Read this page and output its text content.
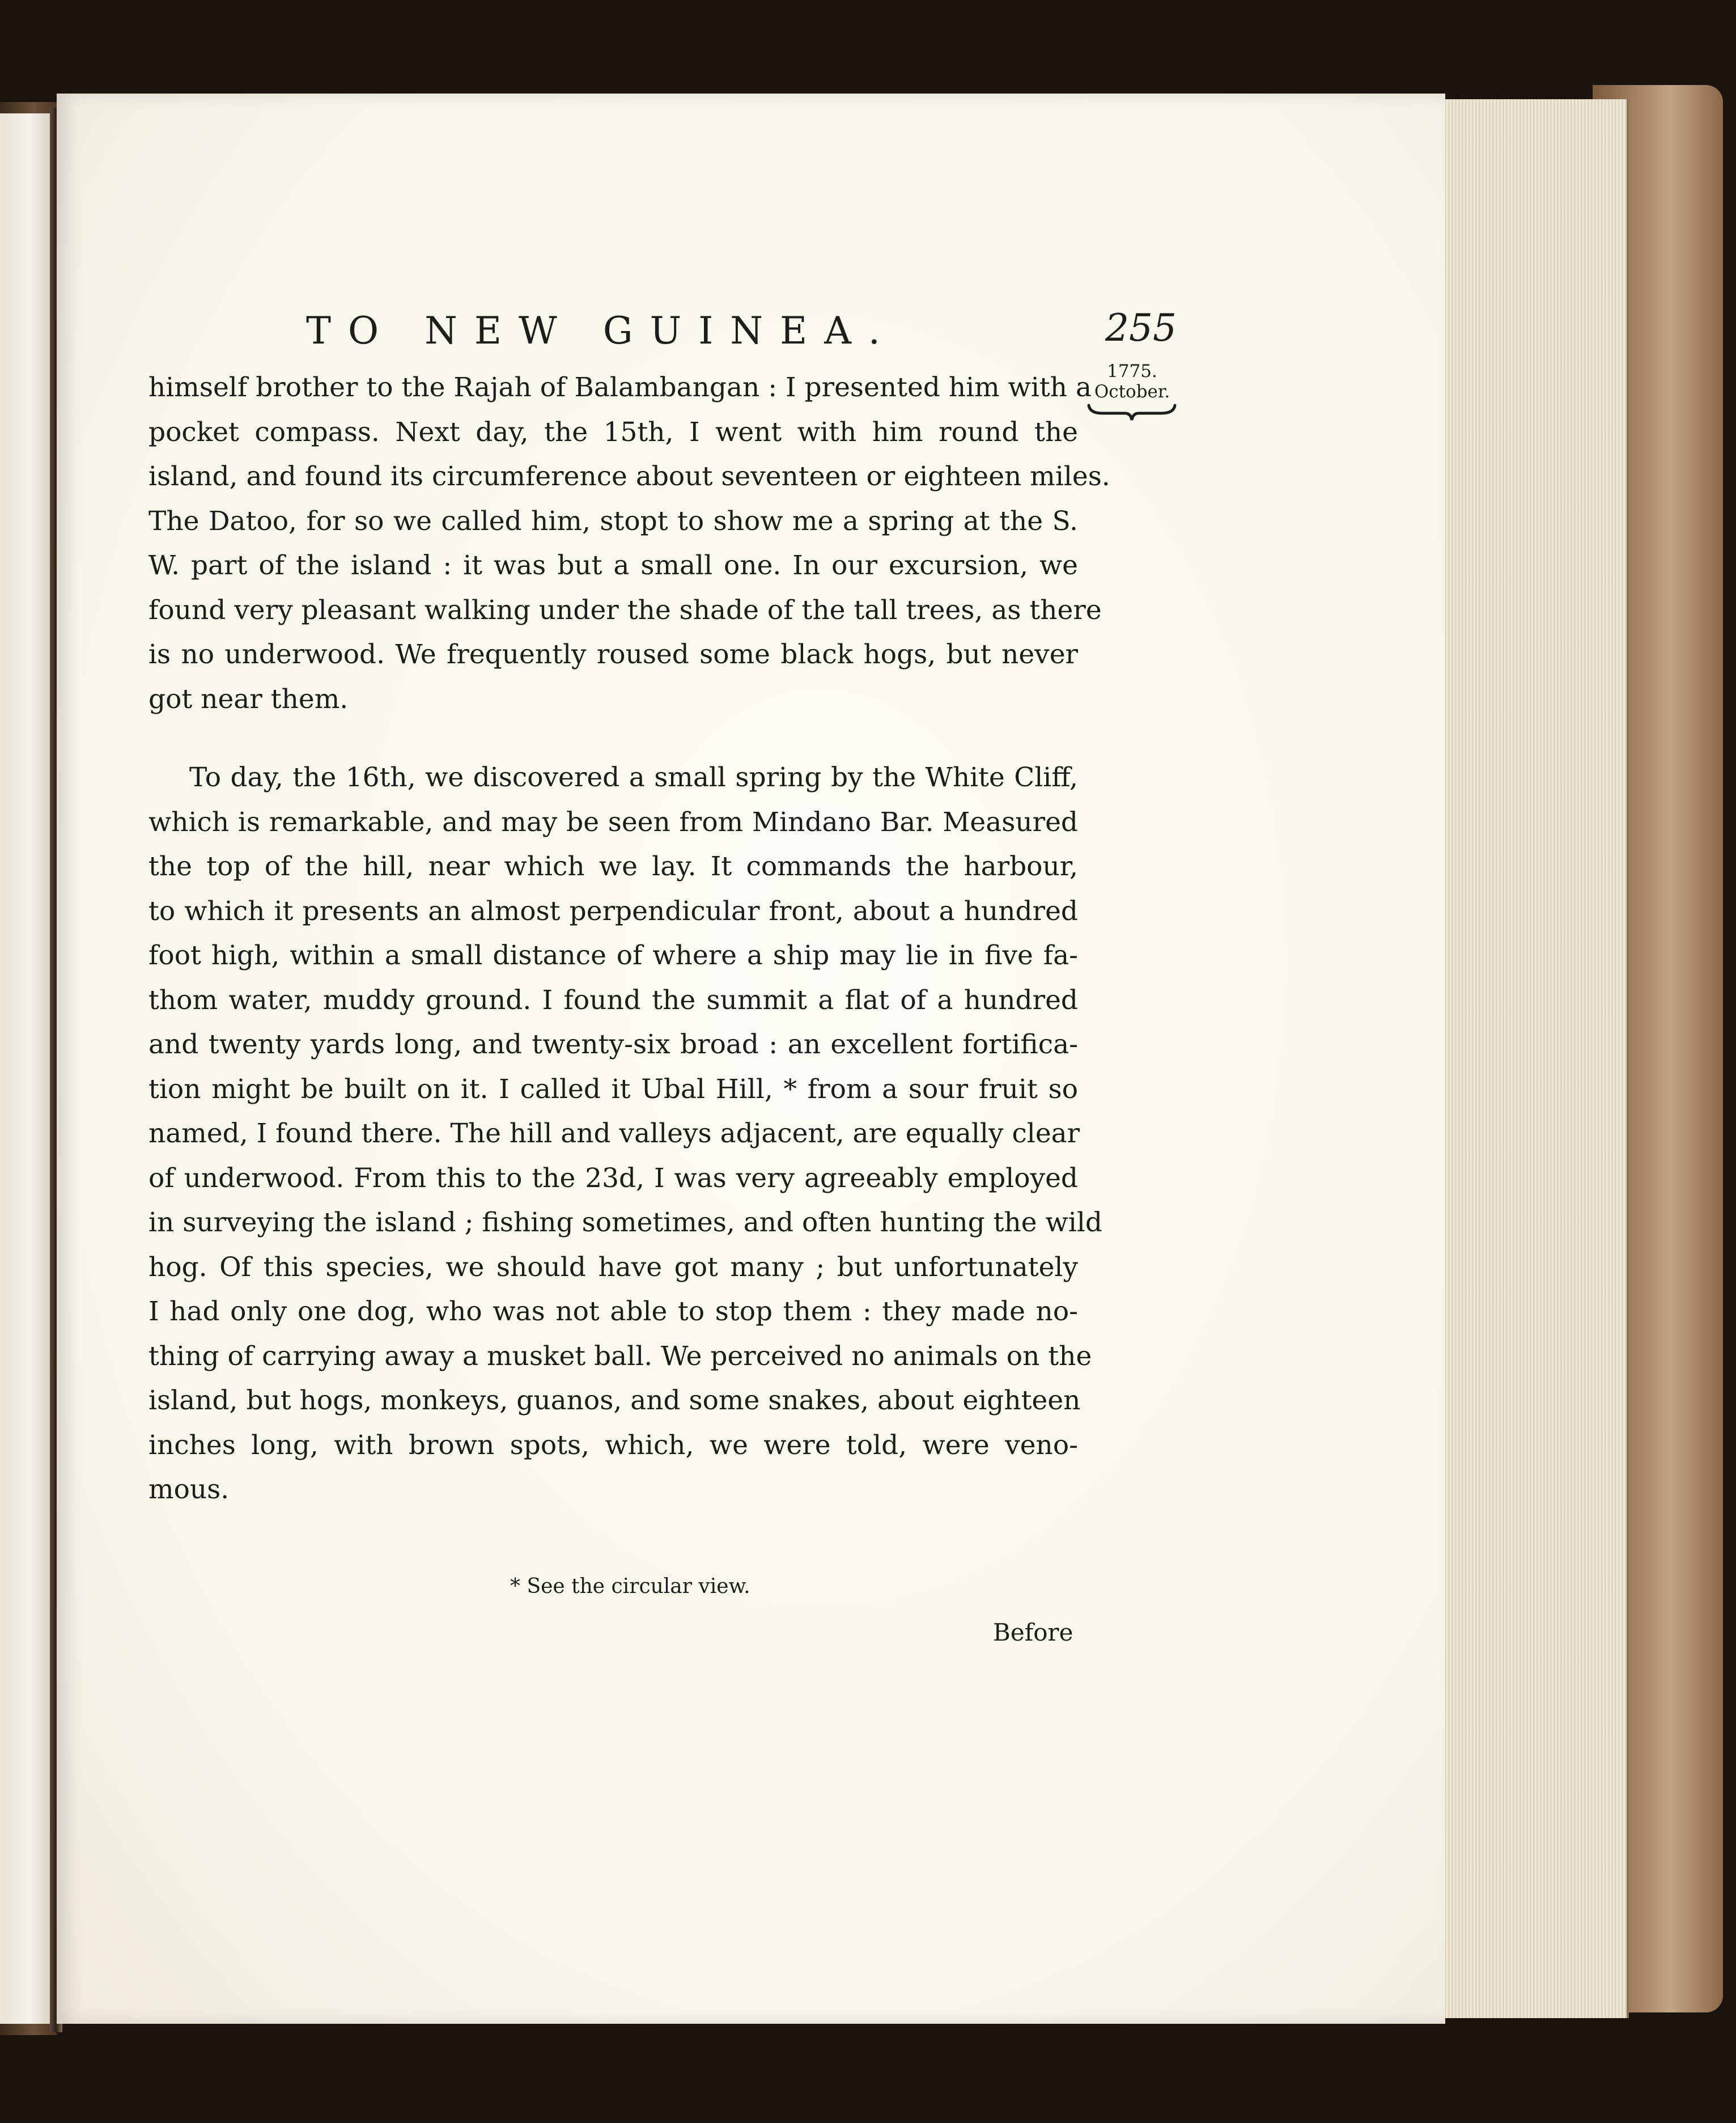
TO NEW GUINEA.	255
1775.
October.

himself brother to the Rajah of Balambangan : I presented him with a

pocket compass. Next day, the 15th, I went with him round the

island, and found its circumference about seventeen or eighteen miles.

The Datoo, for so we called him, stopt to show me a spring at the S.

W. part of the island : it was but a small one. In our excursion, we

found very pleasant walking under the shade of the tall trees, as there

is no underwood. We frequently roused some black hogs, but never

got near them.

To day, the 16th, we discovered a small spring by the White Cliff,

which is remarkable, and may be seen from Mindano Bar. Measured

the top of the hill, near which we lay. It commands the harbour,

to which it presents an almost perpendicular front, about a hundred

foot high, within a small distance of where a ship may lie in five fa-

thom water, muddy ground. I found the summit a flat of a hundred

and twenty yards long, and twenty-six broad : an excellent fortifica-

tion might be built on it. I called it Ubal Hill, * from a sour fruit so

named, I found there. The hill and valleys adjacent, are equally clear

of underwood. From this to the 23d, I was very agreeably employed

in surveying the island ; fishing sometimes, and often hunting the wild

hog. Of this species, we should have got many ; but unfortunately

I had only one dog, who was not able to stop them : they made no-

thing of carrying away a musket ball. We perceived no animals on the

island, but hogs, monkeys, guanos, and some snakes, about eighteen

inches long, with brown spots, which, we were told, were veno-

mous.

* See the circular view.
Before
